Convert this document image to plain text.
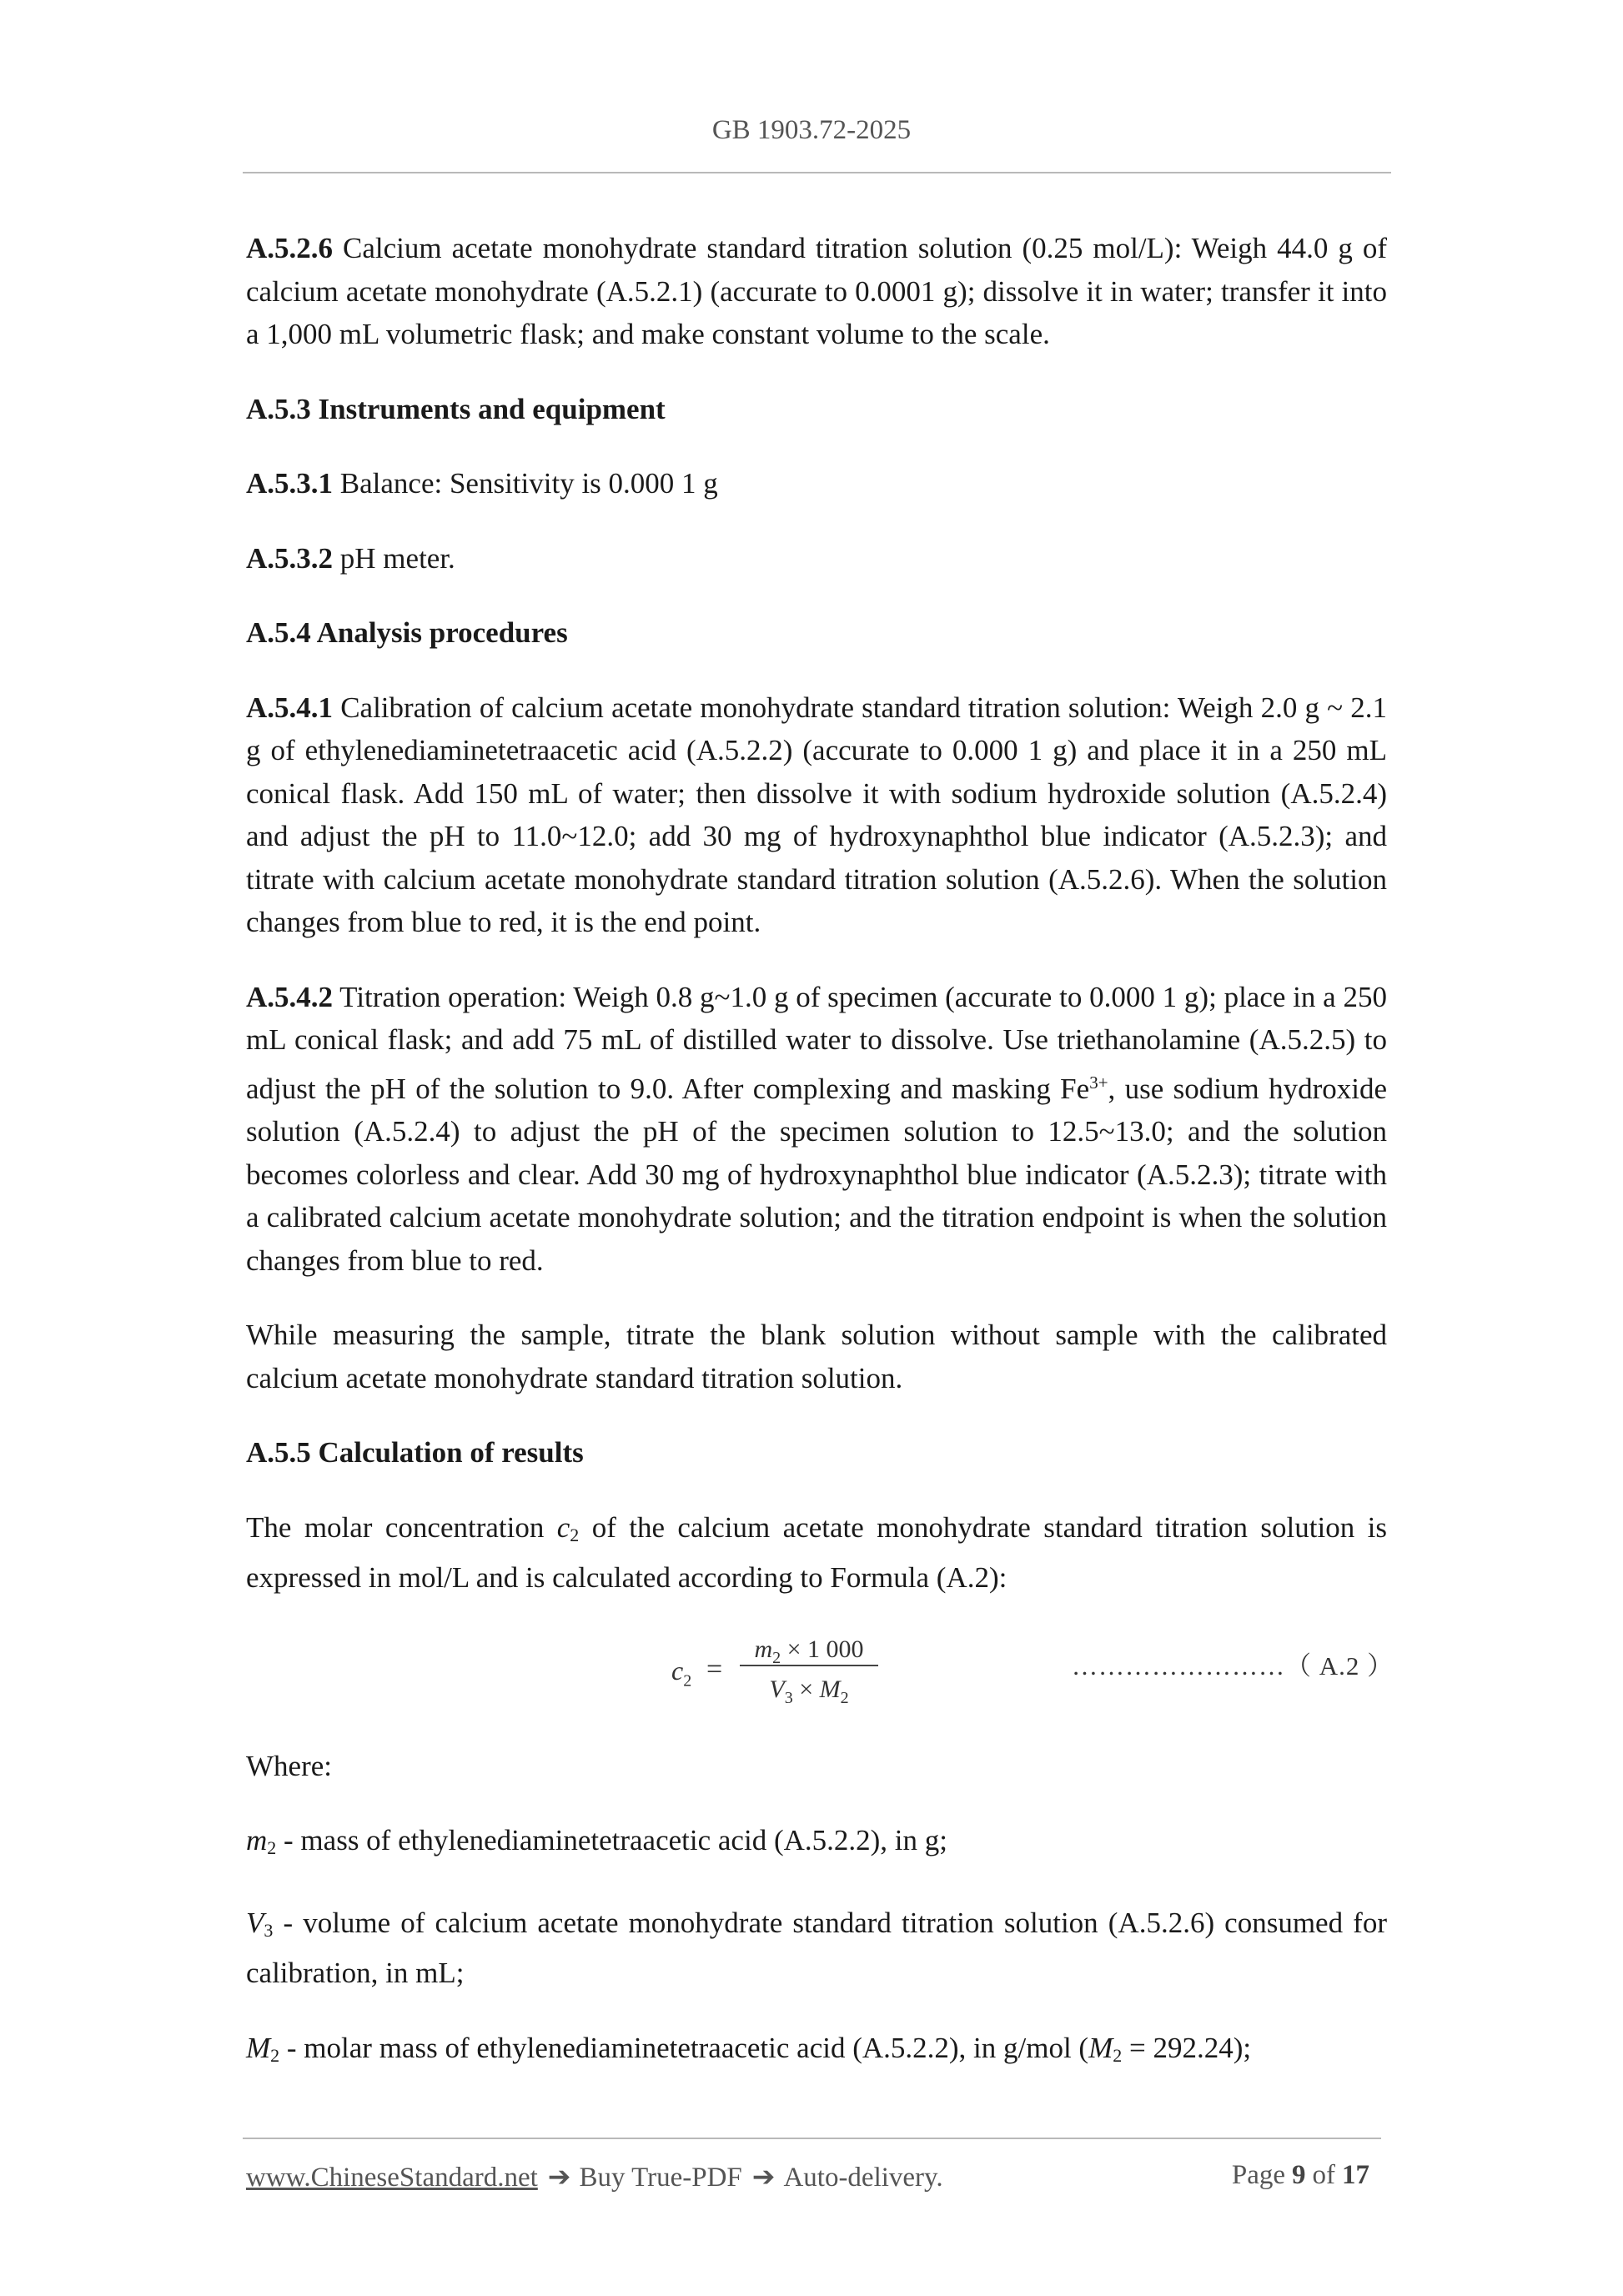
GB 1903.72-2025

A.5.2.6 Calcium acetate monohydrate standard titration solution (0.25 mol/L): Weigh 44.0 g of calcium acetate monohydrate (A.5.2.1) (accurate to 0.0001 g); dissolve it in water; transfer it into a 1,000 mL volumetric flask; and make constant volume to the scale.

A.5.3 Instruments and equipment

A.5.3.1 Balance: Sensitivity is 0.000 1 g

A.5.3.2 pH meter.

A.5.4 Analysis procedures

A.5.4.1 Calibration of calcium acetate monohydrate standard titration solution: Weigh 2.0 g ~ 2.1 g of ethylenediaminetetraacetic acid (A.5.2.2) (accurate to 0.000 1 g) and place it in a 250 mL conical flask. Add 150 mL of water; then dissolve it with sodium hydroxide solution (A.5.2.4) and adjust the pH to 11.0~12.0; add 30 mg of hydroxynaphthol blue indicator (A.5.2.3); and titrate with calcium acetate monohydrate standard titration solution (A.5.2.6). When the solution changes from blue to red, it is the end point.

A.5.4.2 Titration operation: Weigh 0.8 g~1.0 g of specimen (accurate to 0.000 1 g); place in a 250 mL conical flask; and add 75 mL of distilled water to dissolve. Use triethanolamine (A.5.2.5) to adjust the pH of the solution to 9.0. After complexing and masking $Fe^{3+}$, use sodium hydroxide solution (A.5.2.4) to adjust the pH of the specimen solution to 12.5~13.0; and the solution becomes colorless and clear. Add 30 mg of hydroxynaphthol blue indicator (A.5.2.3); titrate with a calibrated calcium acetate monohydrate solution; and the titration endpoint is when the solution changes from blue to red.

While measuring the sample, titrate the blank solution without sample with the calibrated calcium acetate monohydrate standard titration solution.

A.5.5 Calculation of results

The molar concentration $c_2$ of the calcium acetate monohydrate standard titration solution is expressed in mol/L and is calculated according to Formula (A.2):

$c_2$ =
$m_2 \times 1$ 000
$V_3 \times M_2$
……………………（ A.2 ）

Where:

$m_2$ - mass of ethylenediaminetetraacetic acid (A.5.2.2), in g;

$V_3$ - volume of calcium acetate monohydrate standard titration solution (A.5.2.6) consumed for calibration, in mL;

$M_2$ - molar mass of ethylenediaminetetraacetic acid (A.5.2.2), in g/mol $(M_2 = 292.24)$;

www.ChineseStandard.net ➔ Buy True-PDF ➔ Auto-delivery.	Page 9 of 17
